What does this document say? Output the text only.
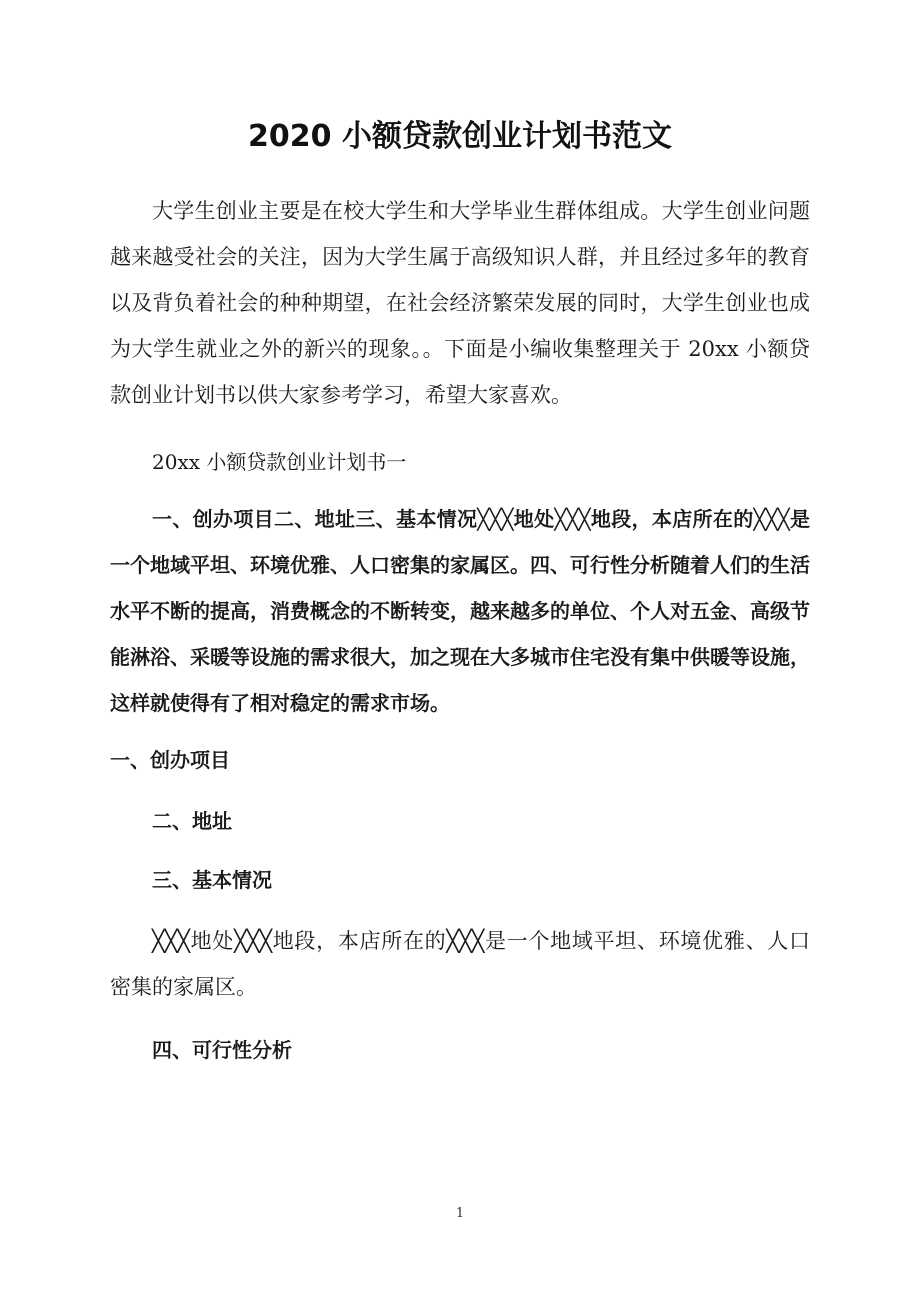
2020 小额贷款创业计划书范文
大学生创业主要是在校大学生和大学毕业生群体组成。大学生创业问题越来越受社会的关注，因为大学生属于高级知识人群，并且经过多年的教育以及背负着社会的种种期望，在社会经济繁荣发展的同时，大学生创业也成为大学生就业之外的新兴的现象。。下面是小编收集整理关于 20xx 小额贷款创业计划书以供大家参考学习，希望大家喜欢。
20xx 小额贷款创业计划书一
一、创办项目二、地址三、基本情况╳╳╳地处╳╳╳地段，本店所在的╳╳╳是一个地域平坦、环境优雅、人口密集的家属区。四、可行性分析随着人们的生活水平不断的提高，消费概念的不断转变，越来越多的单位、个人对五金、高级节能淋浴、采暖等设施的需求很大，加之现在大多城市住宅没有集中供暖等设施，这样就使得有了相对稳定的需求市场。
一、创办项目
二、地址
三、基本情况
╳╳╳地处╳╳╳地段，本店所在的╳╳╳是一个地域平坦、环境优雅、人口密集的家属区。
四、可行性分析
1
